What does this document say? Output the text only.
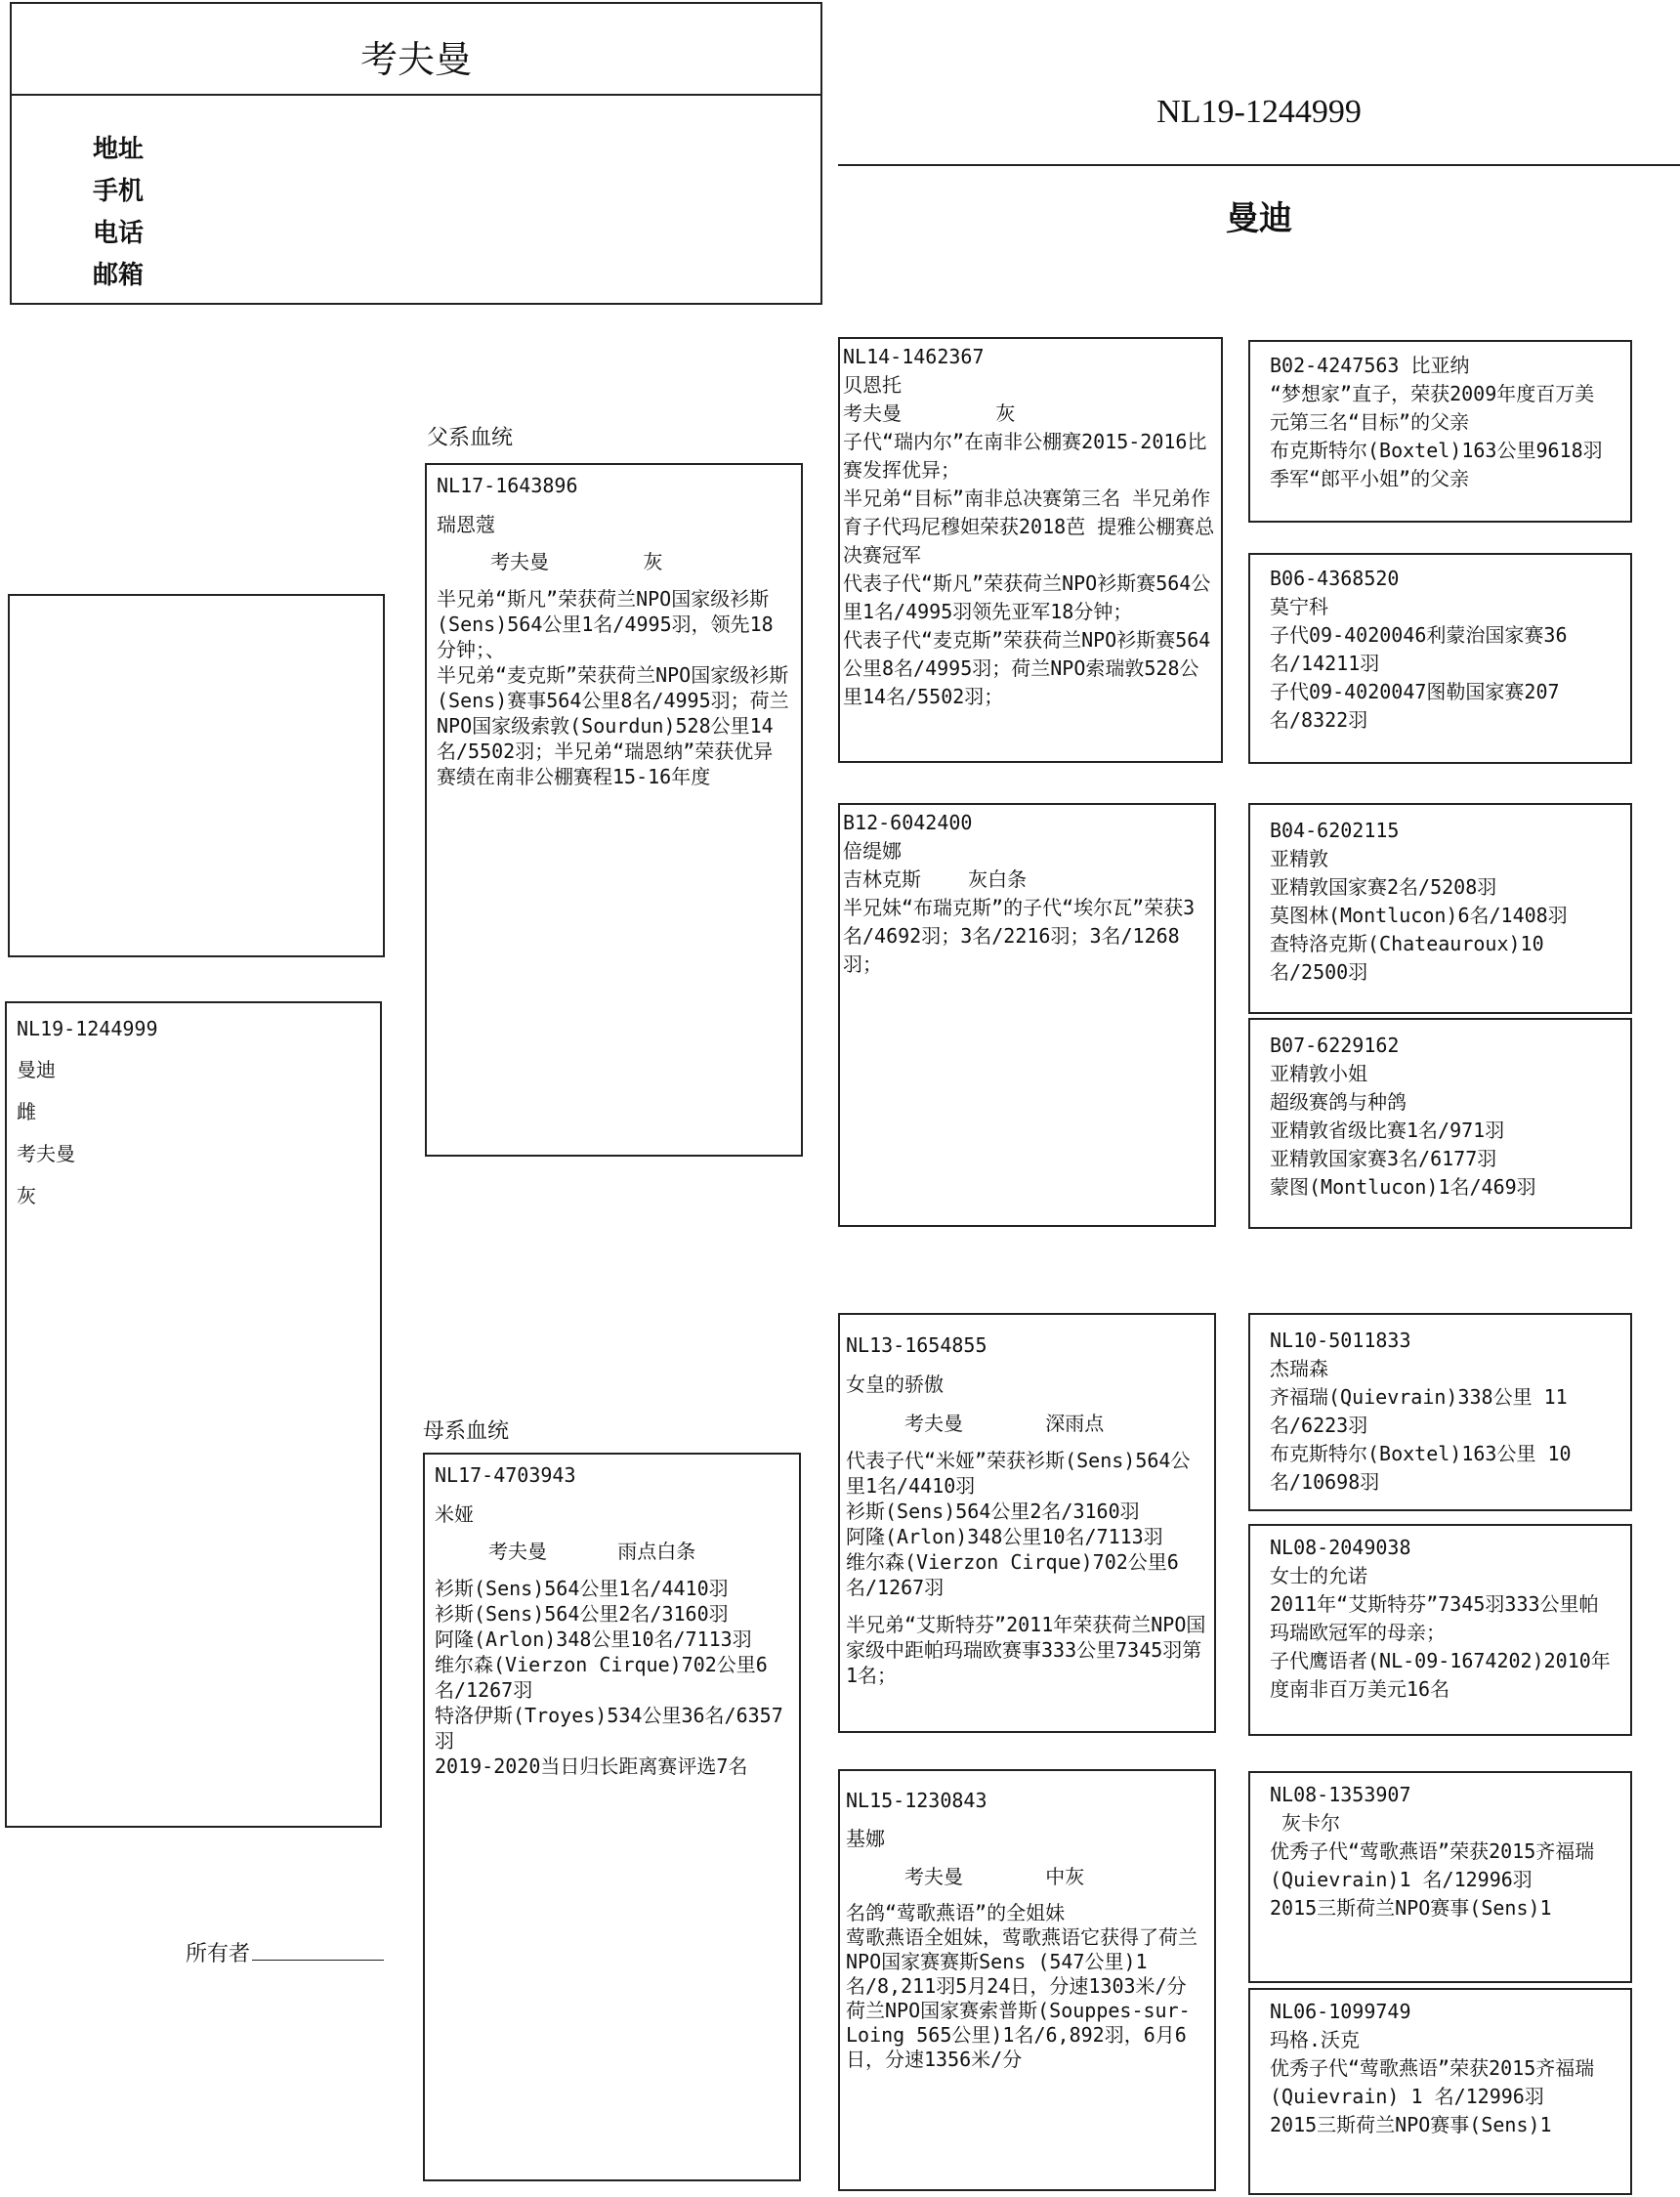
考夫曼
地址
手机
电话
邮箱
NL19-1244999
曼迪
NL19-1244999
曼迪
雌
考夫曼
灰
所有者
父系血统
母系血统
NL17-1643896
瑞恩蔻
考夫曼        灰
半兄弟“斯凡”荣获荷兰NPO国家级衫斯(Sens)564公里1名/4995羽，领先18分钟；、
半兄弟“麦克斯”荣获荷兰NPO国家级衫斯(Sens)赛事564公里8名/4995羽；荷兰NPO国家级索敦(Sourdun)528公里14名/5502羽；半兄弟“瑞恩纳”荣获优异赛绩在南非公棚赛程15-16年度
NL17-4703943
米娅
考夫曼      雨点白条
衫斯(Sens)564公里1名/4410羽
衫斯(Sens)564公里2名/3160羽
阿隆(Arlon)348公里10名/7113羽
维尔森(Vierzon Cirque)702公里6名/1267羽
特洛伊斯(Troyes)534公里36名/6357羽
2019-2020当日归长距离赛评选7名
NL14-1462367
贝恩托
考夫曼        灰
子代“瑞内尔”在南非公棚赛2015-2016比赛发挥优异；
半兄弟“目标”南非总决赛第三名 半兄弟作育子代玛尼穆妲荣获2018芭 提雅公棚赛总决赛冠军
代表子代“斯凡”荣获荷兰NPO衫斯赛564公里1名/4995羽领先亚军18分钟；
代表子代“麦克斯”荣获荷兰NPO衫斯赛564公里8名/4995羽；荷兰NPO索瑞敦528公里14名/5502羽；
B12-6042400
倍缇娜
吉林克斯    灰白条
半兄妹“布瑞克斯”的子代“埃尔瓦”荣获3名/4692羽；3名/2216羽；3名/1268羽；
NL13-1654855
女皇的骄傲
考夫曼       深雨点
代表子代“米娅”荣获衫斯(Sens)564公里1名/4410羽
衫斯(Sens)564公里2名/3160羽
阿隆(Arlon)348公里10名/7113羽
维尔森(Vierzon Cirque)702公里6名/1267羽
半兄弟“艾斯特芬”2011年荣获荷兰NPO国家级中距帕玛瑞欧赛事333公里7345羽第1名；
NL15-1230843
基娜
考夫曼       中灰
名鸽“莺歌燕语”的全姐妹
莺歌燕语全姐妹，莺歌燕语它获得了荷兰NPO国家赛赛斯Sens (547公里)1名/8,211羽5月24日，分速1303米/分
荷兰NPO国家赛索普斯(Souppes-sur-Loing 565公里)1名/6,892羽，6月6日，分速1356米/分
B02-4247563 比亚纳
“梦想家”直子，荣获2009年度百万美元第三名“目标”的父亲
布克斯特尔(Boxtel)163公里9618羽季军“郎平小姐”的父亲
B06-4368520
莫宁科
子代09-4020046利蒙治国家赛36名/14211羽
子代09-4020047图勒国家赛207 名/8322羽
B04-6202115
亚精敦
亚精敦国家赛2名/5208羽
莫图林(Montlucon)6名/1408羽
查特洛克斯(Chateauroux)10 名/2500羽
B07-6229162
亚精敦小姐
超级赛鸽与种鸽
亚精敦省级比赛1名/971羽
亚精敦国家赛3名/6177羽
蒙图(Montlucon)1名/469羽
NL10-5011833
杰瑞森
齐福瑞(Quievrain)338公里 11名/6223羽
布克斯特尔(Boxtel)163公里 10名/10698羽
NL08-2049038
女士的允诺
2011年“艾斯特芬”7345羽333公里帕玛瑞欧冠军的母亲；
子代鹰语者(NL-09-1674202)2010年度南非百万美元16名
NL08-1353907
灰卡尔
优秀子代“莺歌燕语”荣获2015齐福瑞(Quievrain)1 名/12996羽
2015三斯荷兰NPO赛事(Sens)1
NL06-1099749
玛格.沃克
优秀子代“莺歌燕语”荣获2015齐福瑞(Quievrain) 1 名/12996羽
2015三斯荷兰NPO赛事(Sens)1
